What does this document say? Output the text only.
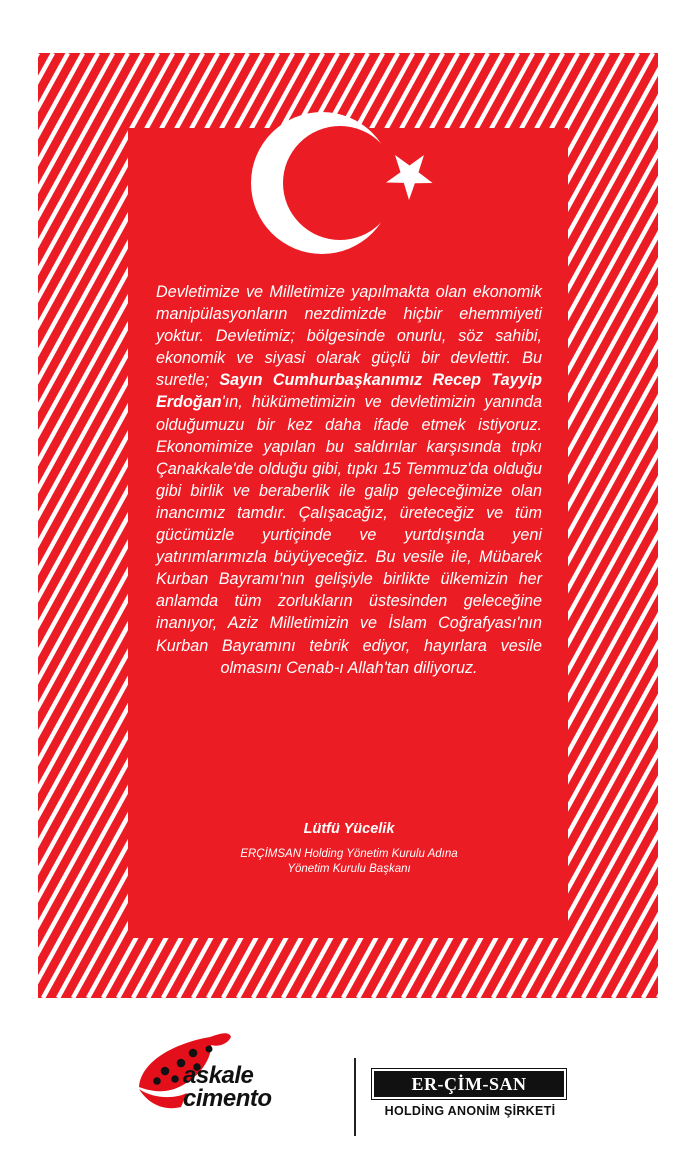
Devletimize ve Milletimize yapılmakta olan ekonomik manipülasyonların nezdimizde hiçbir ehemmiyeti yoktur. Devletimiz; bölgesinde onurlu, söz sahibi, ekonomik ve siyasi olarak güçlü bir devlettir. Bu suretle; Sayın Cumhurbaşkanımız Recep Tayyip Erdoğan'ın, hükümetimizin ve devletimizin yanında olduğumuzu bir kez daha ifade etmek istiyoruz. Ekonomimize yapılan bu saldırılar karşısında tıpkı Çanakkale'de olduğu gibi, tıpkı 15 Temmuz'da olduğu gibi birlik ve beraberlik ile galip geleceğimize olan inancımız tamdır. Çalışacağız, üreteceğiz ve tüm gücümüzle yurtiçinde ve yurtdışında yeni yatırımlarımızla büyüyeceğiz. Bu vesile ile, Mübarek Kurban Bayramı'nın gelişiyle birlikte ülkemizin her anlamda tüm zorlukların üstesinden geleceğine inanıyor, Aziz Milletimizin ve İslam Coğrafyası'nın Kurban Bayramını tebrik ediyor, hayırlara vesile olmasını Cenab-ı Allah'tan diliyoruz.

Lütfü Yücelik
ERÇİMSAN Holding Yönetim Kurulu Adına
Yönetim Kurulu Başkanı
askale
cimento
ER-ÇİM-SAN
HOLDİNG ANONİM ŞİRKETİ
